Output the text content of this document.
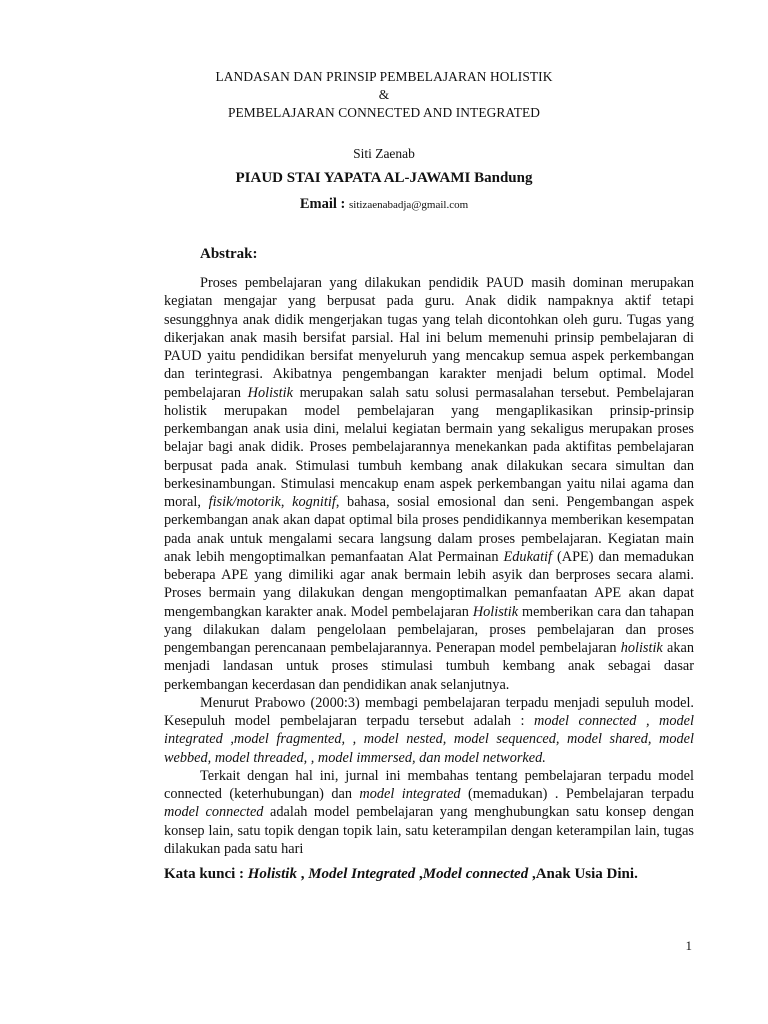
LANDASAN DAN PRINSIP PEMBELAJARAN HOLISTIK
&
PEMBELAJARAN CONNECTED AND INTEGRATED
Siti Zaenab
PIAUD STAI YAPATA AL-JAWAMI Bandung
Email : sitizaenabadja@gmail.com
Abstrak:

Proses pembelajaran yang dilakukan pendidik PAUD masih dominan merupakan kegiatan mengajar yang berpusat pada guru. Anak didik nampaknya aktif tetapi sesungghnya anak didik mengerjakan tugas yang telah dicontohkan oleh guru. Tugas yang dikerjakan anak masih bersifat parsial. Hal ini belum memenuhi prinsip pembelajaran di PAUD yaitu pendidikan bersifat menyeluruh yang mencakup semua aspek perkembangan dan terintegrasi. Akibatnya pengembangan karakter menjadi belum optimal. Model pembelajaran Holistik merupakan salah satu solusi permasalahan tersebut. Pembelajaran holistik merupakan model pembelajaran yang mengaplikasikan prinsip-prinsip perkembangan anak usia dini, melalui kegiatan bermain yang sekaligus merupakan proses belajar bagi anak didik. Proses pembelajarannya menekankan pada aktifitas pembelajaran berpusat pada anak. Stimulasi tumbuh kembang anak dilakukan secara simultan dan berkesinambungan. Stimulasi mencakup enam aspek perkembangan yaitu nilai agama dan moral, fisik/motorik, kognitif, bahasa, sosial emosional dan seni. Pengembangan aspek perkembangan anak akan dapat optimal bila proses pendidikannya memberikan kesempatan pada anak untuk mengalami secara langsung dalam proses pembelajaran. Kegiatan main anak lebih mengoptimalkan pemanfaatan Alat Permainan Edukatif (APE) dan memadukan beberapa APE yang dimiliki agar anak bermain lebih asyik dan berproses secara alami. Proses bermain yang dilakukan dengan mengoptimalkan pemanfaatan APE akan dapat mengembangkan karakter anak. Model pembelajaran Holistik memberikan cara dan tahapan yang dilakukan dalam pengelolaan pembelajaran, proses pembelajaran dan proses pengembangan perencanaan pembelajarannya. Penerapan model pembelajaran holistik akan menjadi landasan untuk proses stimulasi tumbuh kembang anak sebagai dasar perkembangan kecerdasan dan pendidikan anak selanjutnya.

Menurut Prabowo (2000:3) membagi pembelajaran terpadu menjadi sepuluh model. Kesepuluh model pembelajaran terpadu tersebut adalah : model connected , model integrated ,model fragmented, , model nested, model sequenced, model shared, model webbed, model threaded, , model immersed, dan model networked.

Terkait dengan hal ini, jurnal ini membahas tentang pembelajaran terpadu model connected (keterhubungan) dan model integrated (memadukan) . Pembelajaran terpadu model connected adalah model pembelajaran yang menghubungkan satu konsep dengan konsep lain, satu topik dengan topik lain, satu keterampilan dengan keterampilan lain, tugas dilakukan pada satu hari

Kata kunci : Holistik , Model Integrated ,Model connected ,Anak Usia Dini.
1
